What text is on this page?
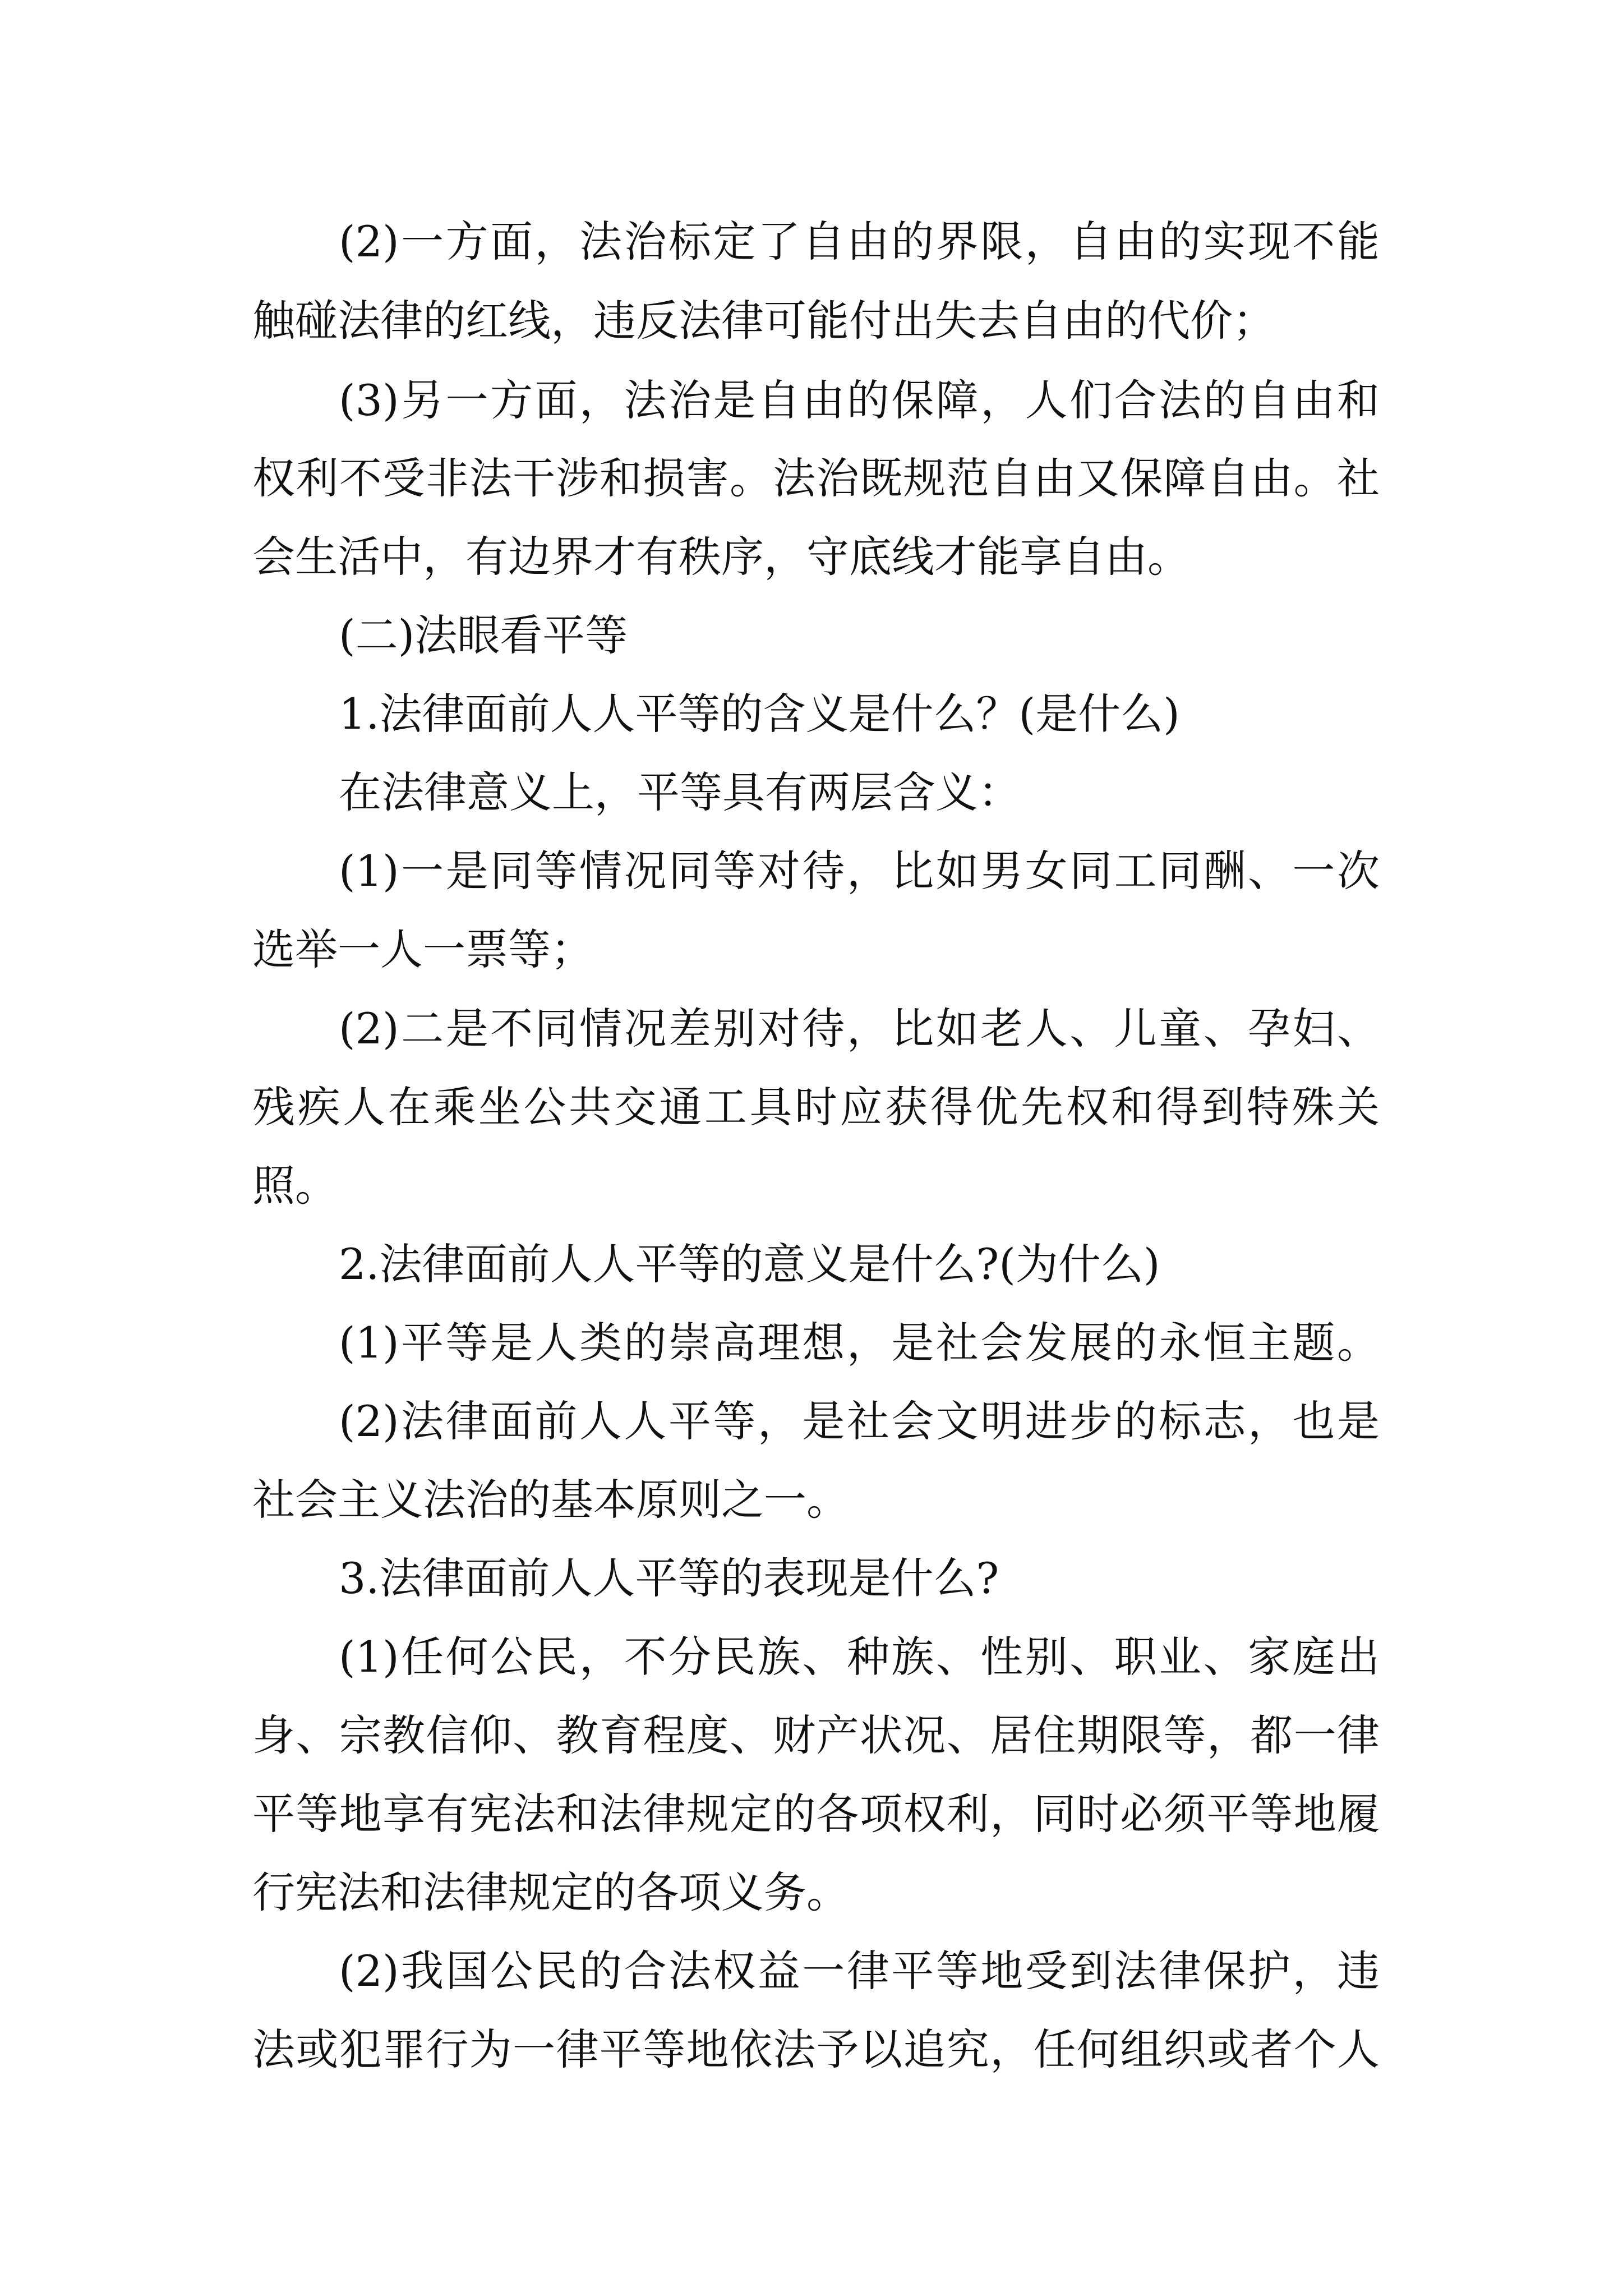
(2)一方面，法治标定了自由的界限，自由的实现不能
触碰法律的红线，违反法律可能付出失去自由的代价；
(3)另一方面，法治是自由的保障，人们合法的自由和
权利不受非法干涉和损害。法治既规范自由又保障自由。社
会生活中，有边界才有秩序，守底线才能享自由。
(二)法眼看平等
1.法律面前人人平等的含义是什么？(是什么)
在法律意义上，平等具有两层含义：
(1)一是同等情况同等对待，比如男女同工同酬、一次
选举一人一票等；
(2)二是不同情况差别对待，比如老人、儿童、孕妇、
残疾人在乘坐公共交通工具时应获得优先权和得到特殊关
照。
2.法律面前人人平等的意义是什么?(为什么)
(1)平等是人类的崇高理想，是社会发展的永恒主题。
(2)法律面前人人平等，是社会文明进步的标志，也是
社会主义法治的基本原则之一。
3.法律面前人人平等的表现是什么?
(1)任何公民，不分民族、种族、性别、职业、家庭出
身、宗教信仰、教育程度、财产状况、居住期限等，都一律
平等地享有宪法和法律规定的各项权利，同时必须平等地履
行宪法和法律规定的各项义务。
(2)我国公民的合法权益一律平等地受到法律保护，违
法或犯罪行为一律平等地依法予以追究，任何组织或者个人
